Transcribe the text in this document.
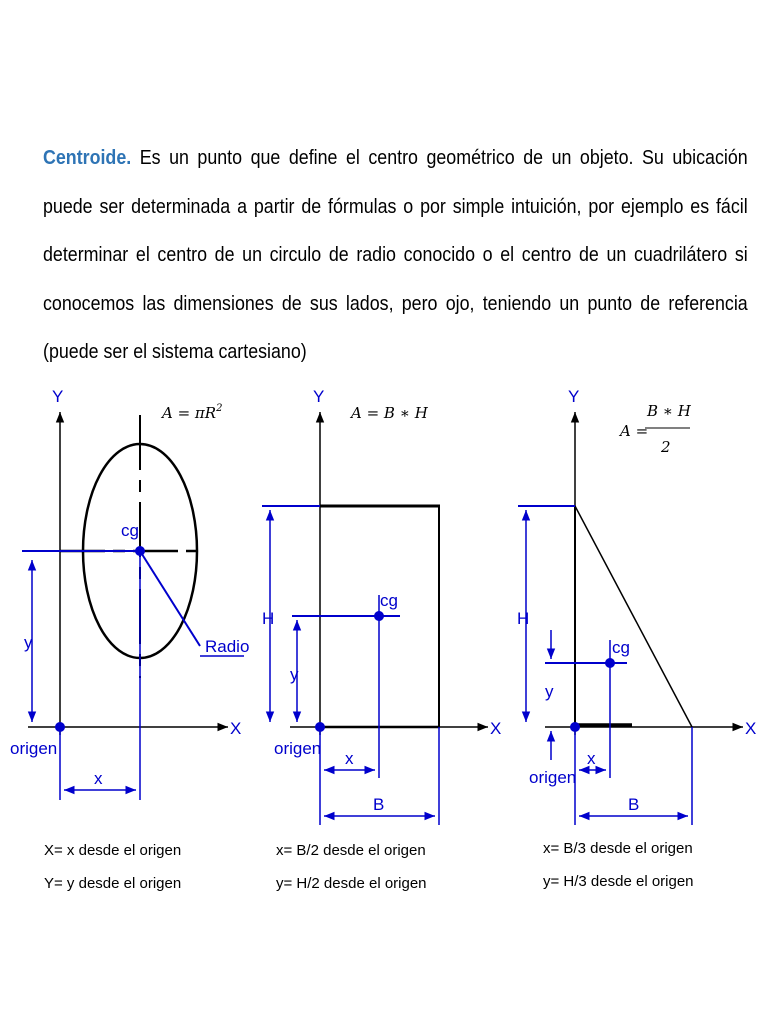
Centroide. Es un punto que define el centro geométrico de un objeto. Su ubicación puede ser determinada a partir de fórmulas o por simple intuición, por ejemplo es fácil determinar el centro de un circulo de radio conocido o el centro de un cuadrilátero si conocemos las dimensiones de sus lados, pero ojo, teniendo un punto de referencia (puede ser el sistema cartesiano)

Y
X
$A = \pi R^2$
Radio
cg
y
origen
x
X= x desde el origen
Y= y desde el origen
Y
X
A = B ∗ H
H
cg
y
origen
x
B
x= B/2 desde el origen
y= H/2 desde el origen
Y
X
A =
B ∗ H
2
H
cg
y
origen
x
B
x= B/3 desde el origen
y= H/3 desde el origen
